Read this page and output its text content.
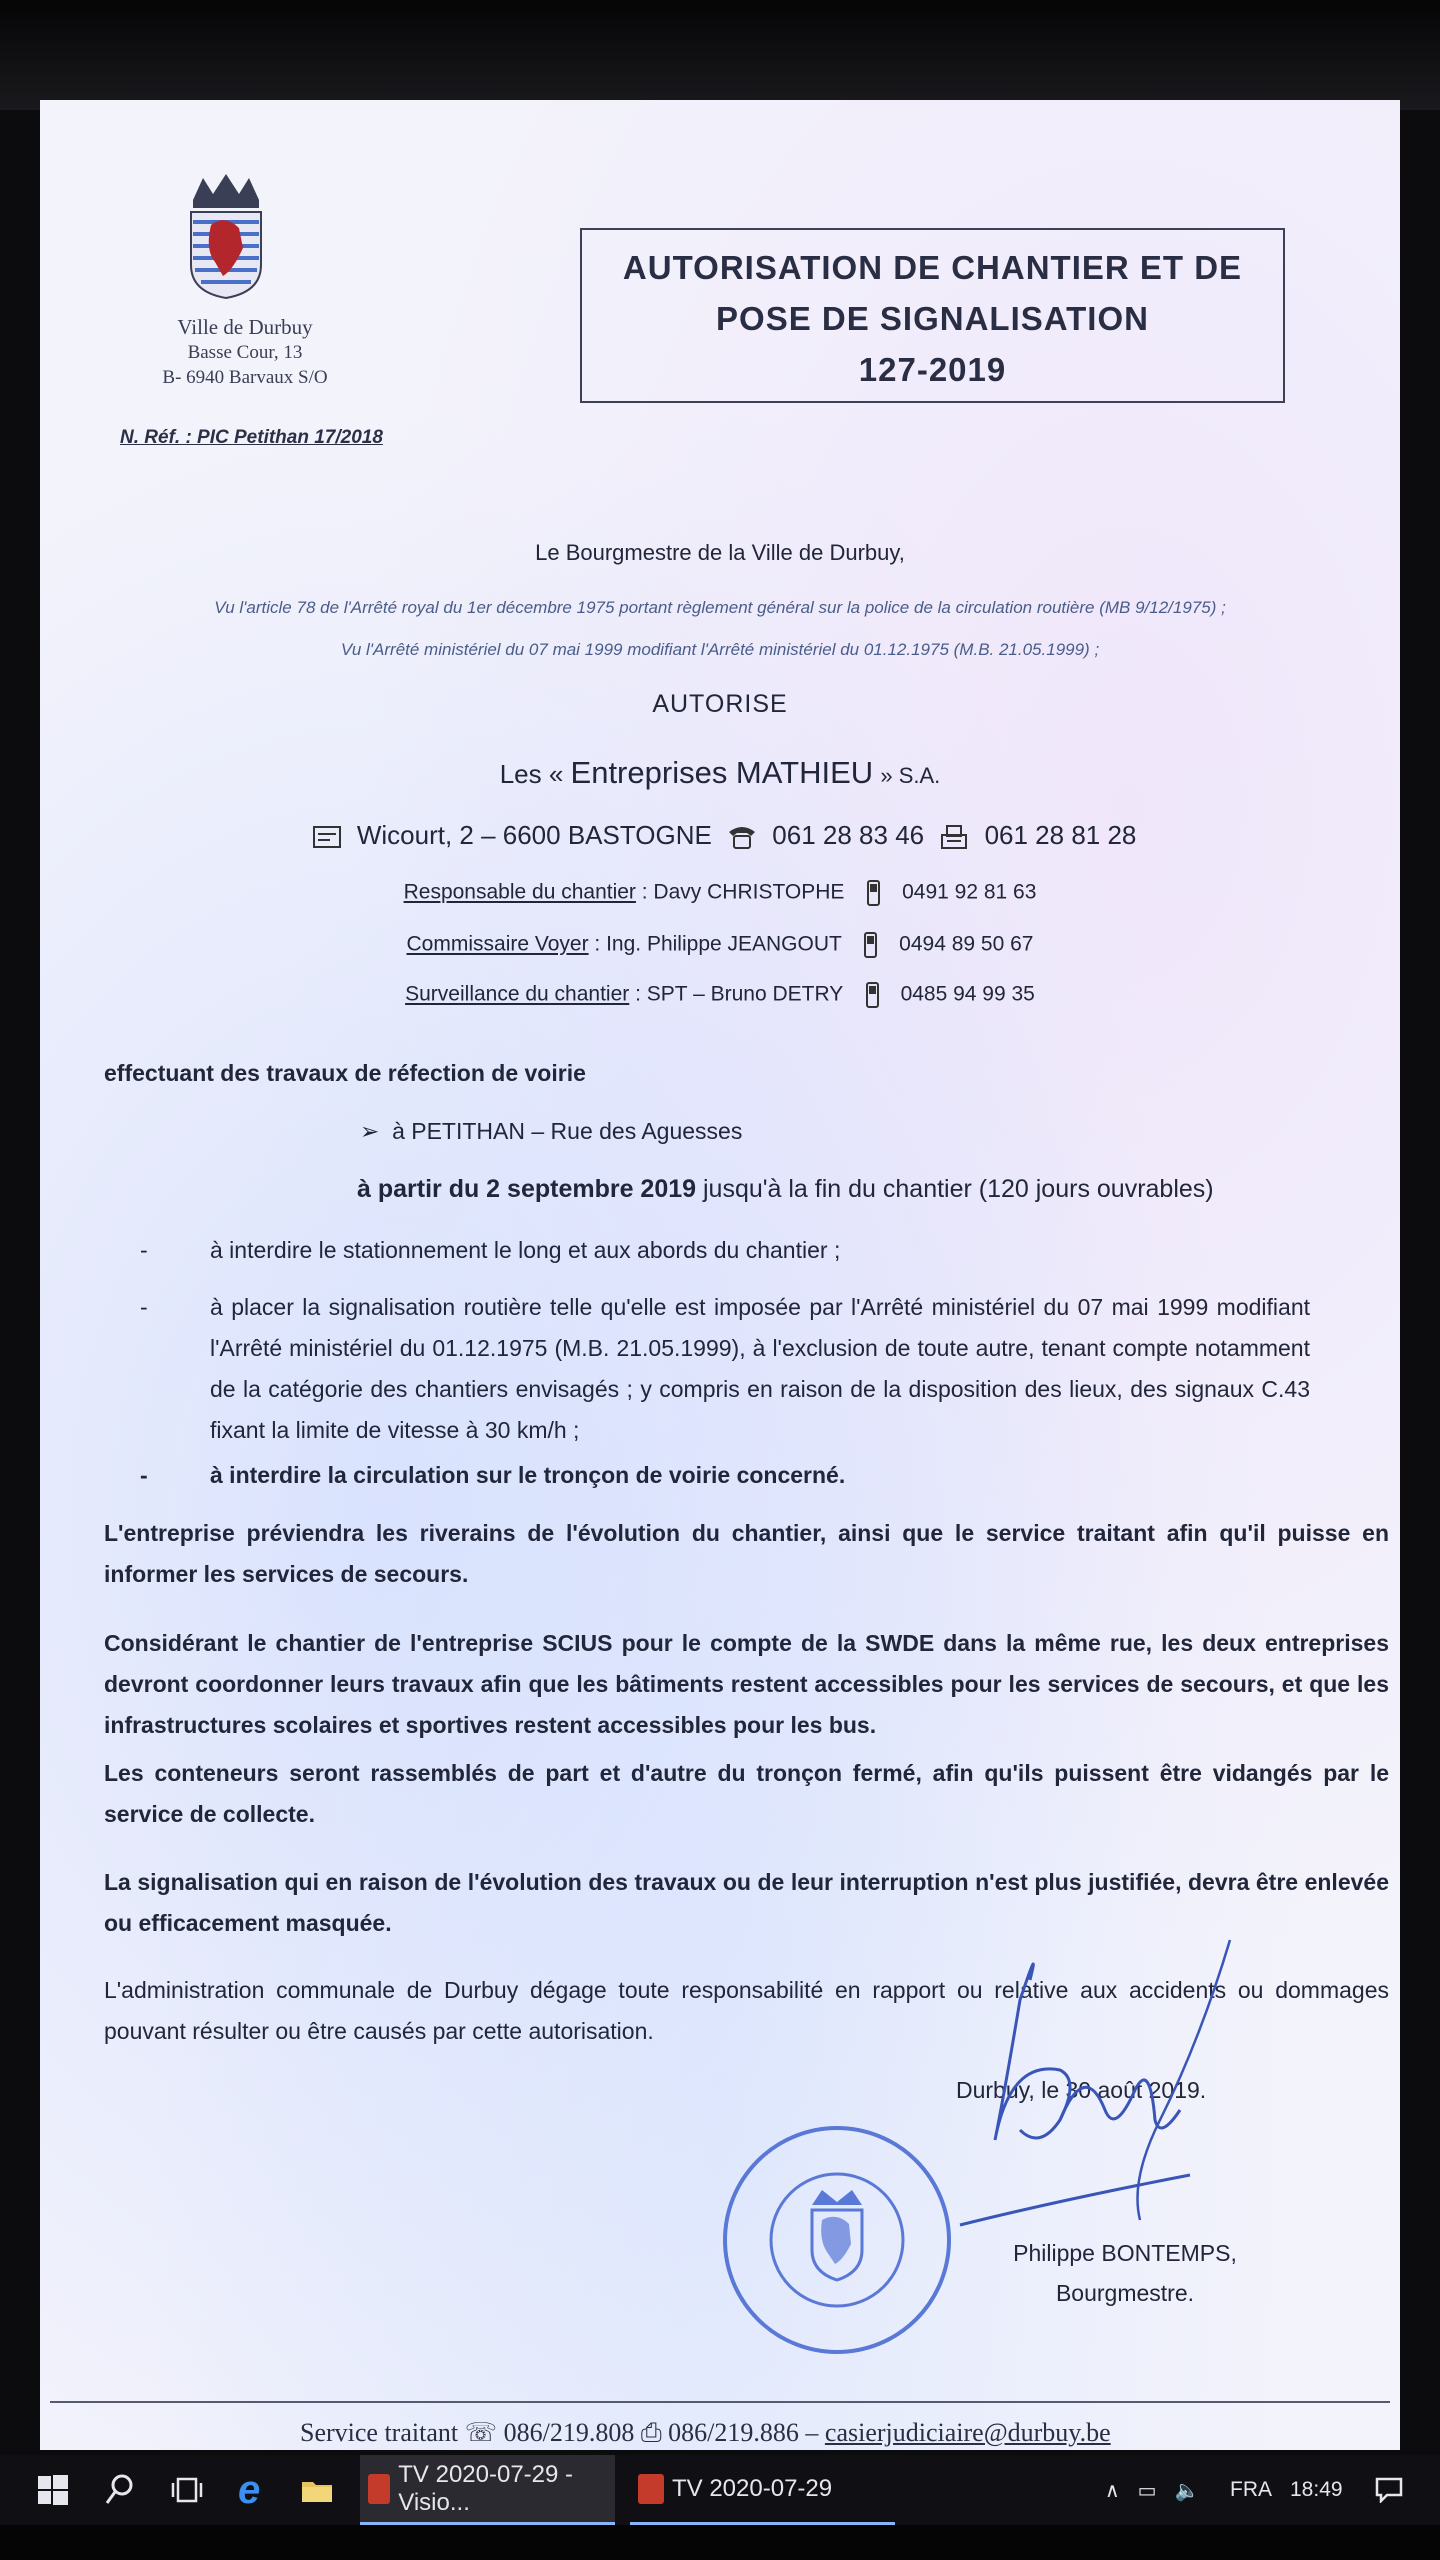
Ville de Durbuy
Basse Cour, 13
B- 6940 Barvaux S/O
AUTORISATION DE CHANTIER ET DE
POSE DE SIGNALISATION
127-2019
N. Réf. : PIC Petithan 17/2018
Le Bourgmestre de la Ville de Durbuy,
Vu l'article 78 de l'Arrêté royal du 1er décembre 1975 portant règlement général sur la police de la circulation routière (MB 9/12/1975) ;
Vu l'Arrêté ministériel du 07 mai 1999 modifiant l'Arrêté ministériel du 01.12.1975 (M.B. 21.05.1999) ;
AUTORISE
Les « Entreprises MATHIEU » S.A.
Wicourt, 2 – 6600 BASTOGNE 061 28 83 46 061 28 81 28
Responsable du chantier : Davy CHRISTOPHE	0491 92 81 63
Commissaire Voyer : Ing. Philippe JEANGOUT	0494 89 50 67
Surveillance du chantier : SPT – Bruno DETRY	0485 94 99 35
effectuant des travaux de réfection de voirie
➢  à PETITHAN – Rue des Aguesses
à partir du 2 septembre 2019 jusqu'à la fin du chantier (120 jours ouvrables)
-	à interdire le stationnement le long et aux abords du chantier ;
-	à placer la signalisation routière telle qu'elle est imposée par l'Arrêté ministériel du 07 mai 1999 modifiant l'Arrêté ministériel du 01.12.1975 (M.B. 21.05.1999), à l'exclusion de toute autre, tenant compte notamment de la catégorie des chantiers envisagés ; y compris en raison de la disposition des lieux, des signaux C.43 fixant la limite de vitesse à 30 km/h ;
-	à interdire la circulation sur le tronçon de voirie concerné.
L'entreprise préviendra les riverains de l'évolution du chantier, ainsi que le service traitant afin qu'il puisse en informer les services de secours.
Considérant le chantier de l'entreprise SCIUS pour le compte de la SWDE dans la même rue, les deux entreprises devront coordonner leurs travaux afin que les bâtiments restent accessibles pour les services de secours, et que les infrastructures scolaires et sportives restent accessibles pour les bus.
Les conteneurs seront rassemblés de part et d'autre du tronçon fermé, afin qu'ils puissent être vidangés par le service de collecte.
La signalisation qui en raison de l'évolution des travaux ou de leur interruption n'est plus justifiée, devra être enlevée ou efficacement masquée.
L'administration communale de Durbuy dégage toute responsabilité en rapport ou relative aux accidents ou dommages pouvant résulter ou être causés par cette autorisation.
Durbuy, le 30 août 2019.
Philippe BONTEMPS,
Bourgmestre.
Service traitant ☏ 086/219.808 ⎙ 086/219.886 – casierjudiciaire@durbuy.be
e	TV 2020-07-29 - Visio...
TV 2020-07-29	∧ ▭ 🔈 FRA 18:49
